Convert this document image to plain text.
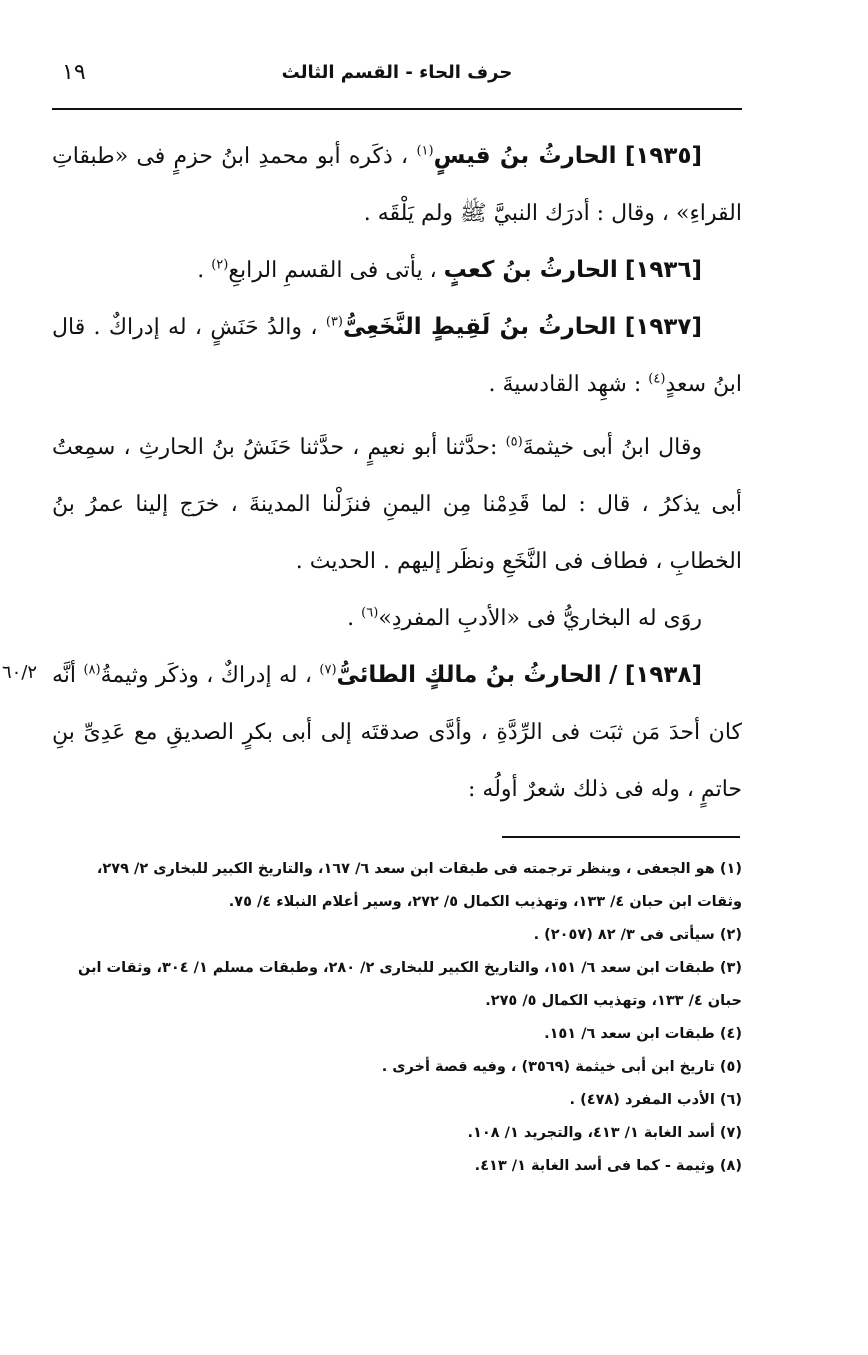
١٩	حرف الحاء - القسم الثالث
٦٠/٢

[١٩٣٥] الحارثُ بنُ قيسٍ$^{(١)}$ ، ذكَره أبو محمدِ ابنُ حزمٍ فى «طبقاتِ القراءِ» ، وقال : أدرَك النبيَّ ﷺ ولم يَلْقَه .

[١٩٣٦] الحارثُ بنُ كعبٍ ، يأتى فى القسمِ الرابعِ$^{(٢)}$ .

[١٩٣٧] الحارثُ بنُ لَقِيطٍ النَّخَعِىُّ$^{(٣)}$ ، والدُ حَنَشٍ ، له إدراكٌ . قال ابنُ سعدٍ$^{(٤)}$ : شهِد القادسيةَ .

وقال ابنُ أبى خيثمةَ$^{(٥)}$ :حدَّثنا أبو نعيمٍ ، حدَّثنا حَنَشُ بنُ الحارثِ ، سمِعتُ أبى يذكرُ ، قال : لما قَدِمْنا مِن اليمنِ فنزَلْنا المدينةَ ، خرَج إلينا عمرُ بنُ الخطابِ ، فطاف فى النَّخَعِ ونظَر إليهم . الحديث .

روَى له البخاريُّ فى «الأدبِ المفردِ»$^{(٦)}$ .

[١٩٣٨] / الحارثُ بنُ مالكٍ الطائىُّ$^{(٧)}$ ، له إدراكٌ ، وذكَر وثيمةُ$^{(٨)}$ أنَّه كان أحدَ مَن ثبَت فى الرِّدَّةِ ، وأدَّى صدقتَه إلى أبى بكرٍ الصديقِ مع عَدِىِّ بنِ حاتمٍ ، وله فى ذلك شعرٌ أولُه :

(١) هو الجعفى ، وينظر ترجمته فى طبقات ابن سعد ٦/ ١٦٧، والتاريخ الكبير للبخارى ٢/ ٢٧٩، وثقات ابن حبان ٤/ ١٣٣، وتهذيب الكمال ٥/ ٢٧٢، وسير أعلام النبلاء ٤/ ٧٥.

(٢) سيأتى فى ٣/ ٨٢ (٢٠٥٧) .

(٣) طبقات ابن سعد ٦/ ١٥١، والتاريخ الكبير للبخارى ٢/ ٢٨٠، وطبقات مسلم ١/ ٣٠٤، وثقات ابن حبان ٤/ ١٣٣، وتهذيب الكمال ٥/ ٢٧٥.

(٤) طبقات ابن سعد ٦/ ١٥١.

(٥) تاريخ ابن أبى خيثمة (٣٥٦٩) ، وفيه قصة أخرى .

(٦) الأدب المفرد (٤٧٨) .

(٧) أسد الغابة ١/ ٤١٣، والتجريد ١/ ١٠٨.

(٨) وثيمة - كما فى أسد الغابة ١/ ٤١٣.
